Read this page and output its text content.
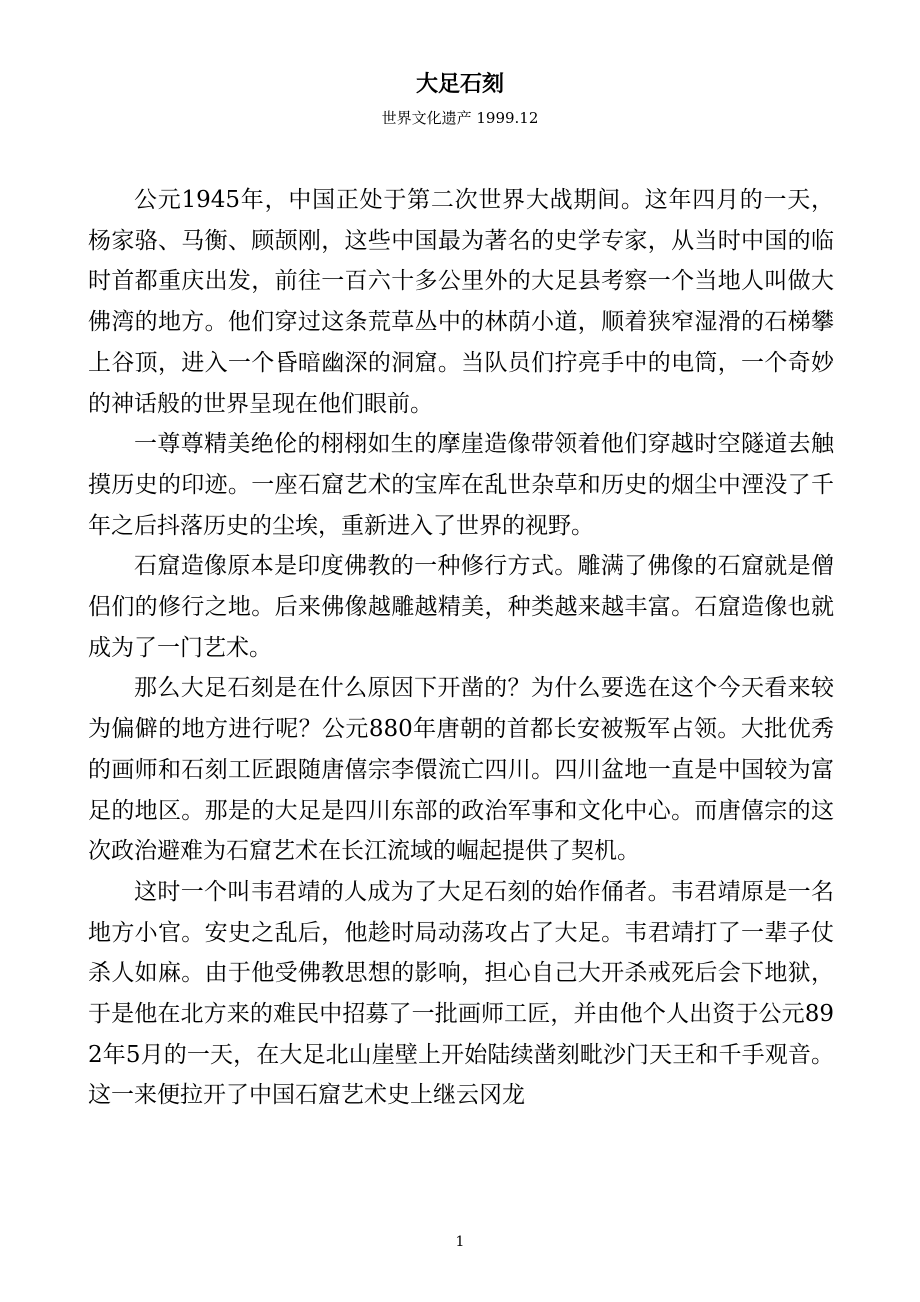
大足石刻
世界文化遗产 1999.12

公元1945年，中国正处于第二次世界大战期间。这年四月的一天，杨家骆、马衡、顾颉刚，这些中国最为著名的史学专家，从当时中国的临时首都重庆出发，前往一百六十多公里外的大足县考察一个当地人叫做大佛湾的地方。他们穿过这条荒草丛中的林荫小道，顺着狭窄湿滑的石梯攀上谷顶，进入一个昏暗幽深的洞窟。当队员们拧亮手中的电筒，一个奇妙的神话般的世界呈现在他们眼前。

一尊尊精美绝伦的栩栩如生的摩崖造像带领着他们穿越时空隧道去触摸历史的印迹。一座石窟艺术的宝库在乱世杂草和历史的烟尘中湮没了千年之后抖落历史的尘埃，重新进入了世界的视野。

石窟造像原本是印度佛教的一种修行方式。雕满了佛像的石窟就是僧侣们的修行之地。后来佛像越雕越精美，种类越来越丰富。石窟造像也就成为了一门艺术。

那么大足石刻是在什么原因下开凿的？为什么要选在这个今天看来较为偏僻的地方进行呢？公元880年唐朝的首都长安被叛军占领。大批优秀的画师和石刻工匠跟随唐僖宗李儇流亡四川。四川盆地一直是中国较为富足的地区。那是的大足是四川东部的政治军事和文化中心。而唐僖宗的这次政治避难为石窟艺术在长江流域的崛起提供了契机。

这时一个叫韦君靖的人成为了大足石刻的始作俑者。韦君靖原是一名地方小官。安史之乱后，他趁时局动荡攻占了大足。韦君靖打了一辈子仗杀人如麻。由于他受佛教思想的影响，担心自己大开杀戒死后会下地狱，于是他在北方来的难民中招募了一批画师工匠，并由他个人出资于公元892年5月的一天，在大足北山崖壁上开始陆续凿刻毗沙门天王和千手观音。这一来便拉开了中国石窟艺术史上继云冈龙

1
